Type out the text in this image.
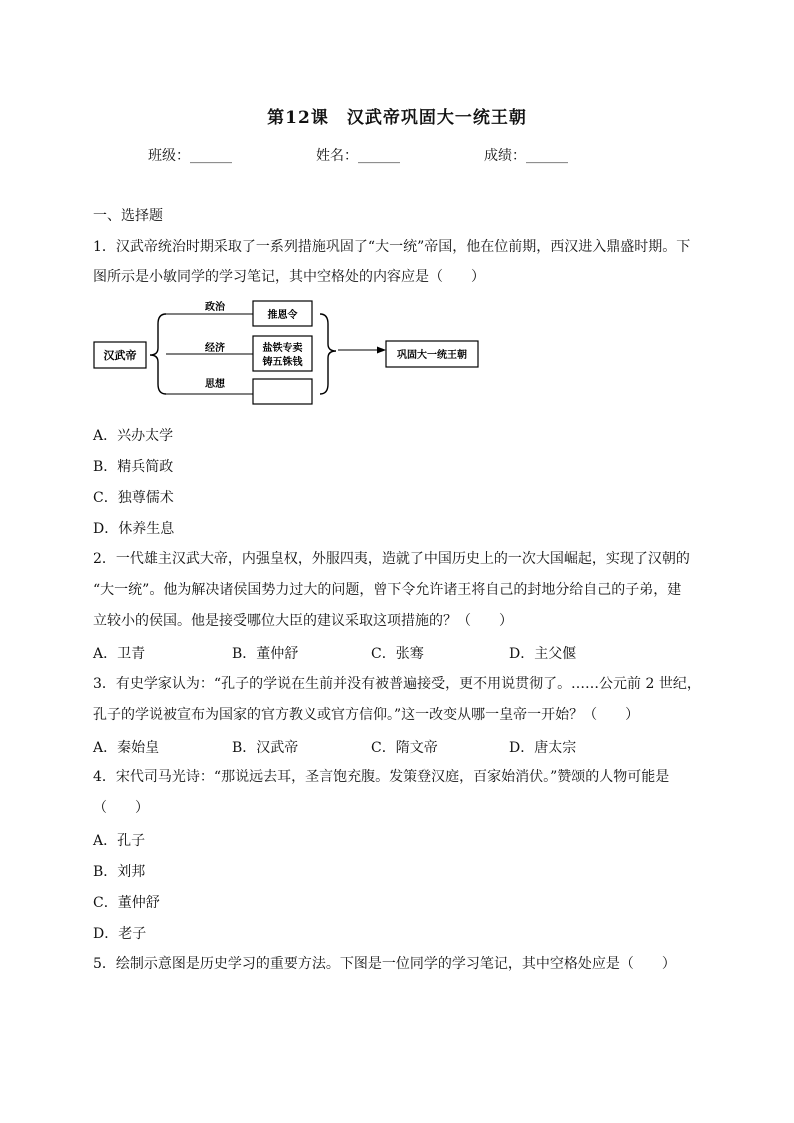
第12课　汉武帝巩固大一统王朝
班级：______	姓名：______	成绩：______
一、选择题
1．汉武帝统治时期采取了一系列措施巩固了“大一统”帝国，他在位前期，西汉进入鼎盛时期。下
图所示是小敏同学的学习笔记，其中空格处的内容应是（　　）
汉武帝
政治
经济
思想
推恩令
盐铁专卖
铸五铢钱
巩固大一统王朝
A．兴办太学
B．精兵简政
C．独尊儒术
D．休养生息
2．一代雄主汉武大帝，内强皇权，外服四夷，造就了中国历史上的一次大国崛起，实现了汉朝的
“大一统”。他为解决诸侯国势力过大的问题，曾下令允许诸王将自己的封地分给自己的子弟，建
立较小的侯国。他是接受哪位大臣的建议采取这项措施的？（　　）
A．卫青	B．董仲舒	C．张骞	D．主父偃
3．有史学家认为：“孔子的学说在生前并没有被普遍接受，更不用说贯彻了。……公元前 2 世纪，
孔子的学说被宣布为国家的官方教义或官方信仰。”这一改变从哪一皇帝一开始？（　　）
A．秦始皇	B．汉武帝	C．隋文帝	D．唐太宗
4．宋代司马光诗：“那说远去耳，圣言饱充腹。发策登汉庭，百家始消伏。”赞颂的人物可能是
（　　）
A．孔子
B．刘邦
C．董仲舒
D．老子
5．绘制示意图是历史学习的重要方法。下图是一位同学的学习笔记，其中空格处应是（　　）
